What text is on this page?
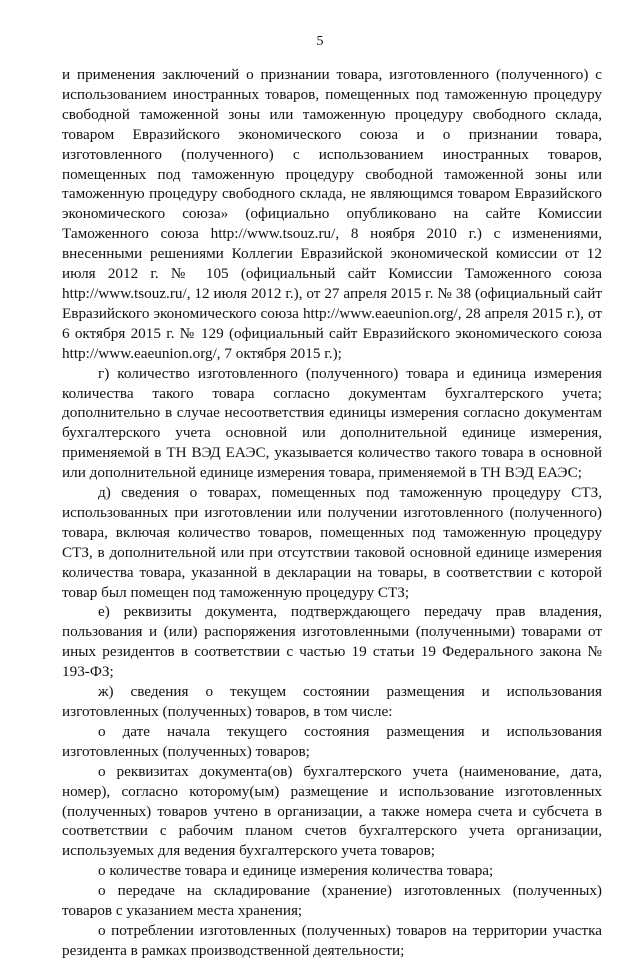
5

и применения заключений о признании товара, изготовленного (полученного) с использованием иностранных товаров, помещенных под таможенную процедуру свободной таможенной зоны или таможенную процедуру свободного склада, товаром Евразийского экономического союза и о признании товара, изготовленного (полученного) с использованием иностранных товаров, помещенных под таможенную процедуру свободной таможенной зоны или таможенную процедуру свободного склада, не являющимся товаром Евразийского экономического союза» (официально опубликовано на сайте Комиссии Таможенного союза http://www.tsouz.ru/, 8 ноября 2010 г.) с изменениями, внесенными решениями Коллегии Евразийской экономической комиссии от 12 июля 2012 г. № 105 (официальный сайт Комиссии Таможенного союза http://www.tsouz.ru/, 12 июля 2012 г.), от 27 апреля 2015 г. № 38 (официальный сайт Евразийского экономического союза http://www.eaeunion.org/, 28 апреля 2015 г.), от 6 октября 2015 г. № 129 (официальный сайт Евразийского экономического союза http://www.eaeunion.org/, 7 октября 2015 г.);

г) количество изготовленного (полученного) товара и единица измерения количества такого товара согласно документам бухгалтерского учета; дополнительно в случае несоответствия единицы измерения согласно документам бухгалтерского учета основной или дополнительной единице измерения, применяемой в ТН ВЭД ЕАЭС, указывается количество такого товара в основной или дополнительной единице измерения товара, применяемой в ТН ВЭД ЕАЭС;

д) сведения о товарах, помещенных под таможенную процедуру СТЗ, использованных при изготовлении или получении изготовленного (полученного) товара, включая количество товаров, помещенных под таможенную процедуру СТЗ, в дополнительной или при отсутствии таковой основной единице измерения количества товара, указанной в декларации на товары, в соответствии с которой товар был помещен под таможенную процедуру СТЗ;

е) реквизиты документа, подтверждающего передачу прав владения, пользования и (или) распоряжения изготовленными (полученными) товарами от иных резидентов в соответствии с частью 19 статьи 19 Федерального закона № 193-ФЗ;

ж) сведения о текущем состоянии размещения и использования изготовленных (полученных) товаров, в том числе:

о дате начала текущего состояния размещения и использования изготовленных (полученных) товаров;

о реквизитах документа(ов) бухгалтерского учета (наименование, дата, номер), согласно которому(ым) размещение и использование изготовленных (полученных) товаров учтено в организации, а также номера счета и субсчета в соответствии с рабочим планом счетов бухгалтерского учета организации, используемых для ведения бухгалтерского учета товаров;

о количестве товара и единице измерения количества товара;

о передаче на складирование (хранение) изготовленных (полученных) товаров с указанием места хранения;

о потреблении изготовленных (полученных) товаров на территории участка резидента в рамках производственной деятельности;
